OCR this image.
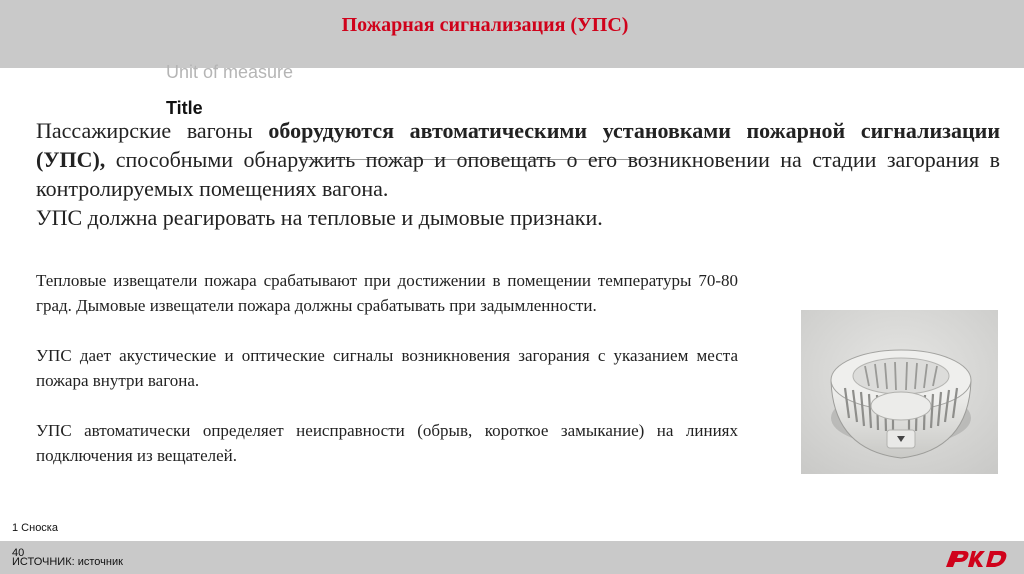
Пожарная сигнализация (УПС)
Unit of measure
Title

Пассажирские вагоны оборудуются автоматическими установками пожарной сигнализации (УПС), способными обнаружить пожар и оповещать о его возникновении на стадии загорания в контролируемых помещениях вагона.

УПС должна реагировать на тепловые и дымовые признаки.

Тепловые извещатели пожара срабатывают при достижении в помещении температуры 70-80 град. Дымовые извещатели пожара должны срабатывать при задымленности.

УПС дает акустические и оптические сигналы возникновения загорания с указанием места пожара внутри вагона.

УПС автоматически определяет неисправности (обрыв, короткое замыкание) на линиях подключения из вещателей.

1 Сноска
40
ИСТОЧНИК: источник
